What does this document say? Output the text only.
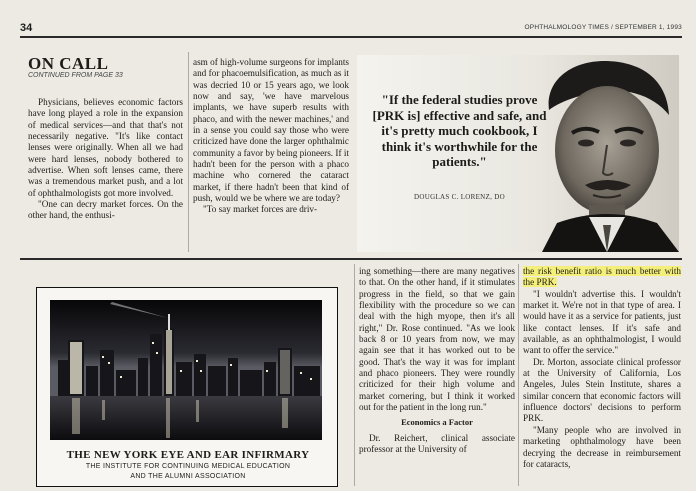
34	OPHTHALMOLOGY TIMES / SEPTEMBER 1, 1993
ON CALL
CONTINUED FROM PAGE 33

Physicians, believes economic factors have long played a role in the expansion of medical services—and that that's not necessarily negative. "It's like contact lenses were originally. When all we had were hard lenses, nobody bothered to advertise. When soft lenses came, there was a tremendous market push, and a lot of ophthalmologists got more involved.

"One can decry market forces. On the other hand, the enthusi-

asm of high-volume surgeons for implants and for phacoemulsification, as much as it was decried 10 or 15 years ago, we look now and say, 'we have marvelous implants, we have superb results with phaco, and with the newer machines,' and in a sense you could say those who were criticized have done the larger ophthalmic community a favor by being pioneers. If it hadn't been for the person with a phaco machine who cornered the cataract market, if there hadn't been that kind of push, would we be where we are today?

"To say market forces are driv-

"If the federal studies prove [PRK is] effective and safe, and it's pretty much cookbook, I think it's worthwhile for the patients."
DOUGLAS C. LORENZ, DO
THE NEW YORK EYE AND EAR INFIRMARY
THE INSTITUTE FOR CONTINUING MEDICAL EDUCATION
AND THE ALUMNI ASSOCIATION

ing something—there are many negatives to that. On the other hand, if it stimulates progress in the field, so that we gain flexibility with the procedure so we can deal with the high myope, then it's all right," Dr. Rose continued. "As we look back 8 or 10 years from now, we may again see that it has worked out to be good. That's the way it was for implant and phaco pioneers. They were roundly criticized for their high volume and market cornering, but I think it worked out for the patient in the long run."

Economics a Factor

Dr. Reichert, clinical associate professor at the University of

the risk benefit ratio is much better with the PRK.

"I wouldn't advertise this. I wouldn't market it. We're not in that type of area. I would have it as a service for patients, just like contact lenses. If it's safe and available, as an ophthalmologist, I would want to offer the service."

Dr. Morton, associate clinical professor at the University of California, Los Angeles, Jules Stein Institute, shares a similar concern that economic factors will influence doctors' decisions to perform PRK.

"Many people who are involved in marketing ophthalmology have been decrying the decrease in reimbursement for cataracts,
